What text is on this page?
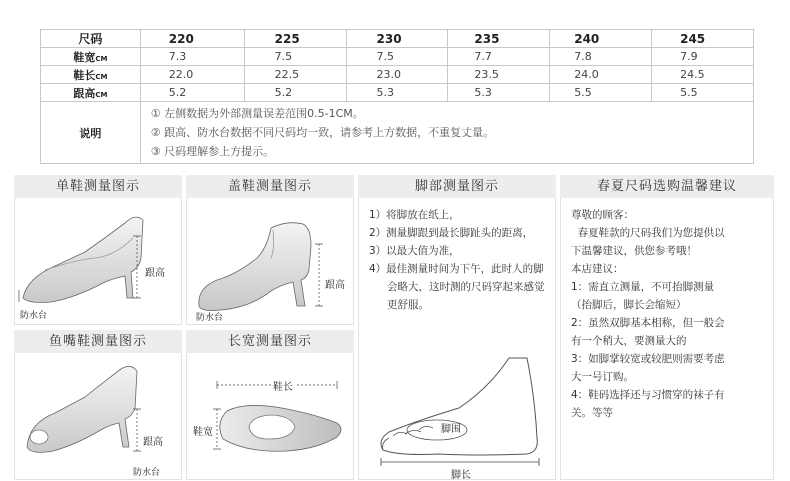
尺码	220	225	230	235	240	245
鞋宽CM	7.3	7.5	7.5	7.7	7.8	7.9
鞋长CM	22.0	22.5	23.0	23.5	24.0	24.5
跟高CM	5.2	5.2	5.3	5.3	5.5	5.5
说明	① 左侧数据为外部测量误差范围0.5-1CM。
② 跟高、防水台数据不同尺码均一致，请参考上方数据，不重复丈量。
③ 尺码理解参上方提示。					
单鞋测量图示
跟高
防水台
盖鞋测量图示
跟高
防水台
鱼嘴鞋测量图示
跟高
防水台
长宽测量图示
鞋长
鞋宽
脚部测量图示

1）将脚放在纸上，

2）测量脚跟到最长脚趾头的距离，

3）以最大值为准，

4）最佳测量时间为下午，此时人的脚

会略大，这时测的尺码穿起来感觉

更舒服。

脚围
脚长
春夏尺码选购温馨建议

尊敬的顾客：

春夏鞋款的尺码我们为您提供以

下温馨建议，供您参考哦！

本店建议：

1：需直立测量，不可抬脚测量

（抬脚后，脚长会缩短）

2：虽然双脚基本相称，但一般会

有一个稍大，要测量大的

3：如脚掌较宽或较肥则需要考虑

大一号订购。

4：鞋码选择还与习惯穿的袜子有

关。等等
